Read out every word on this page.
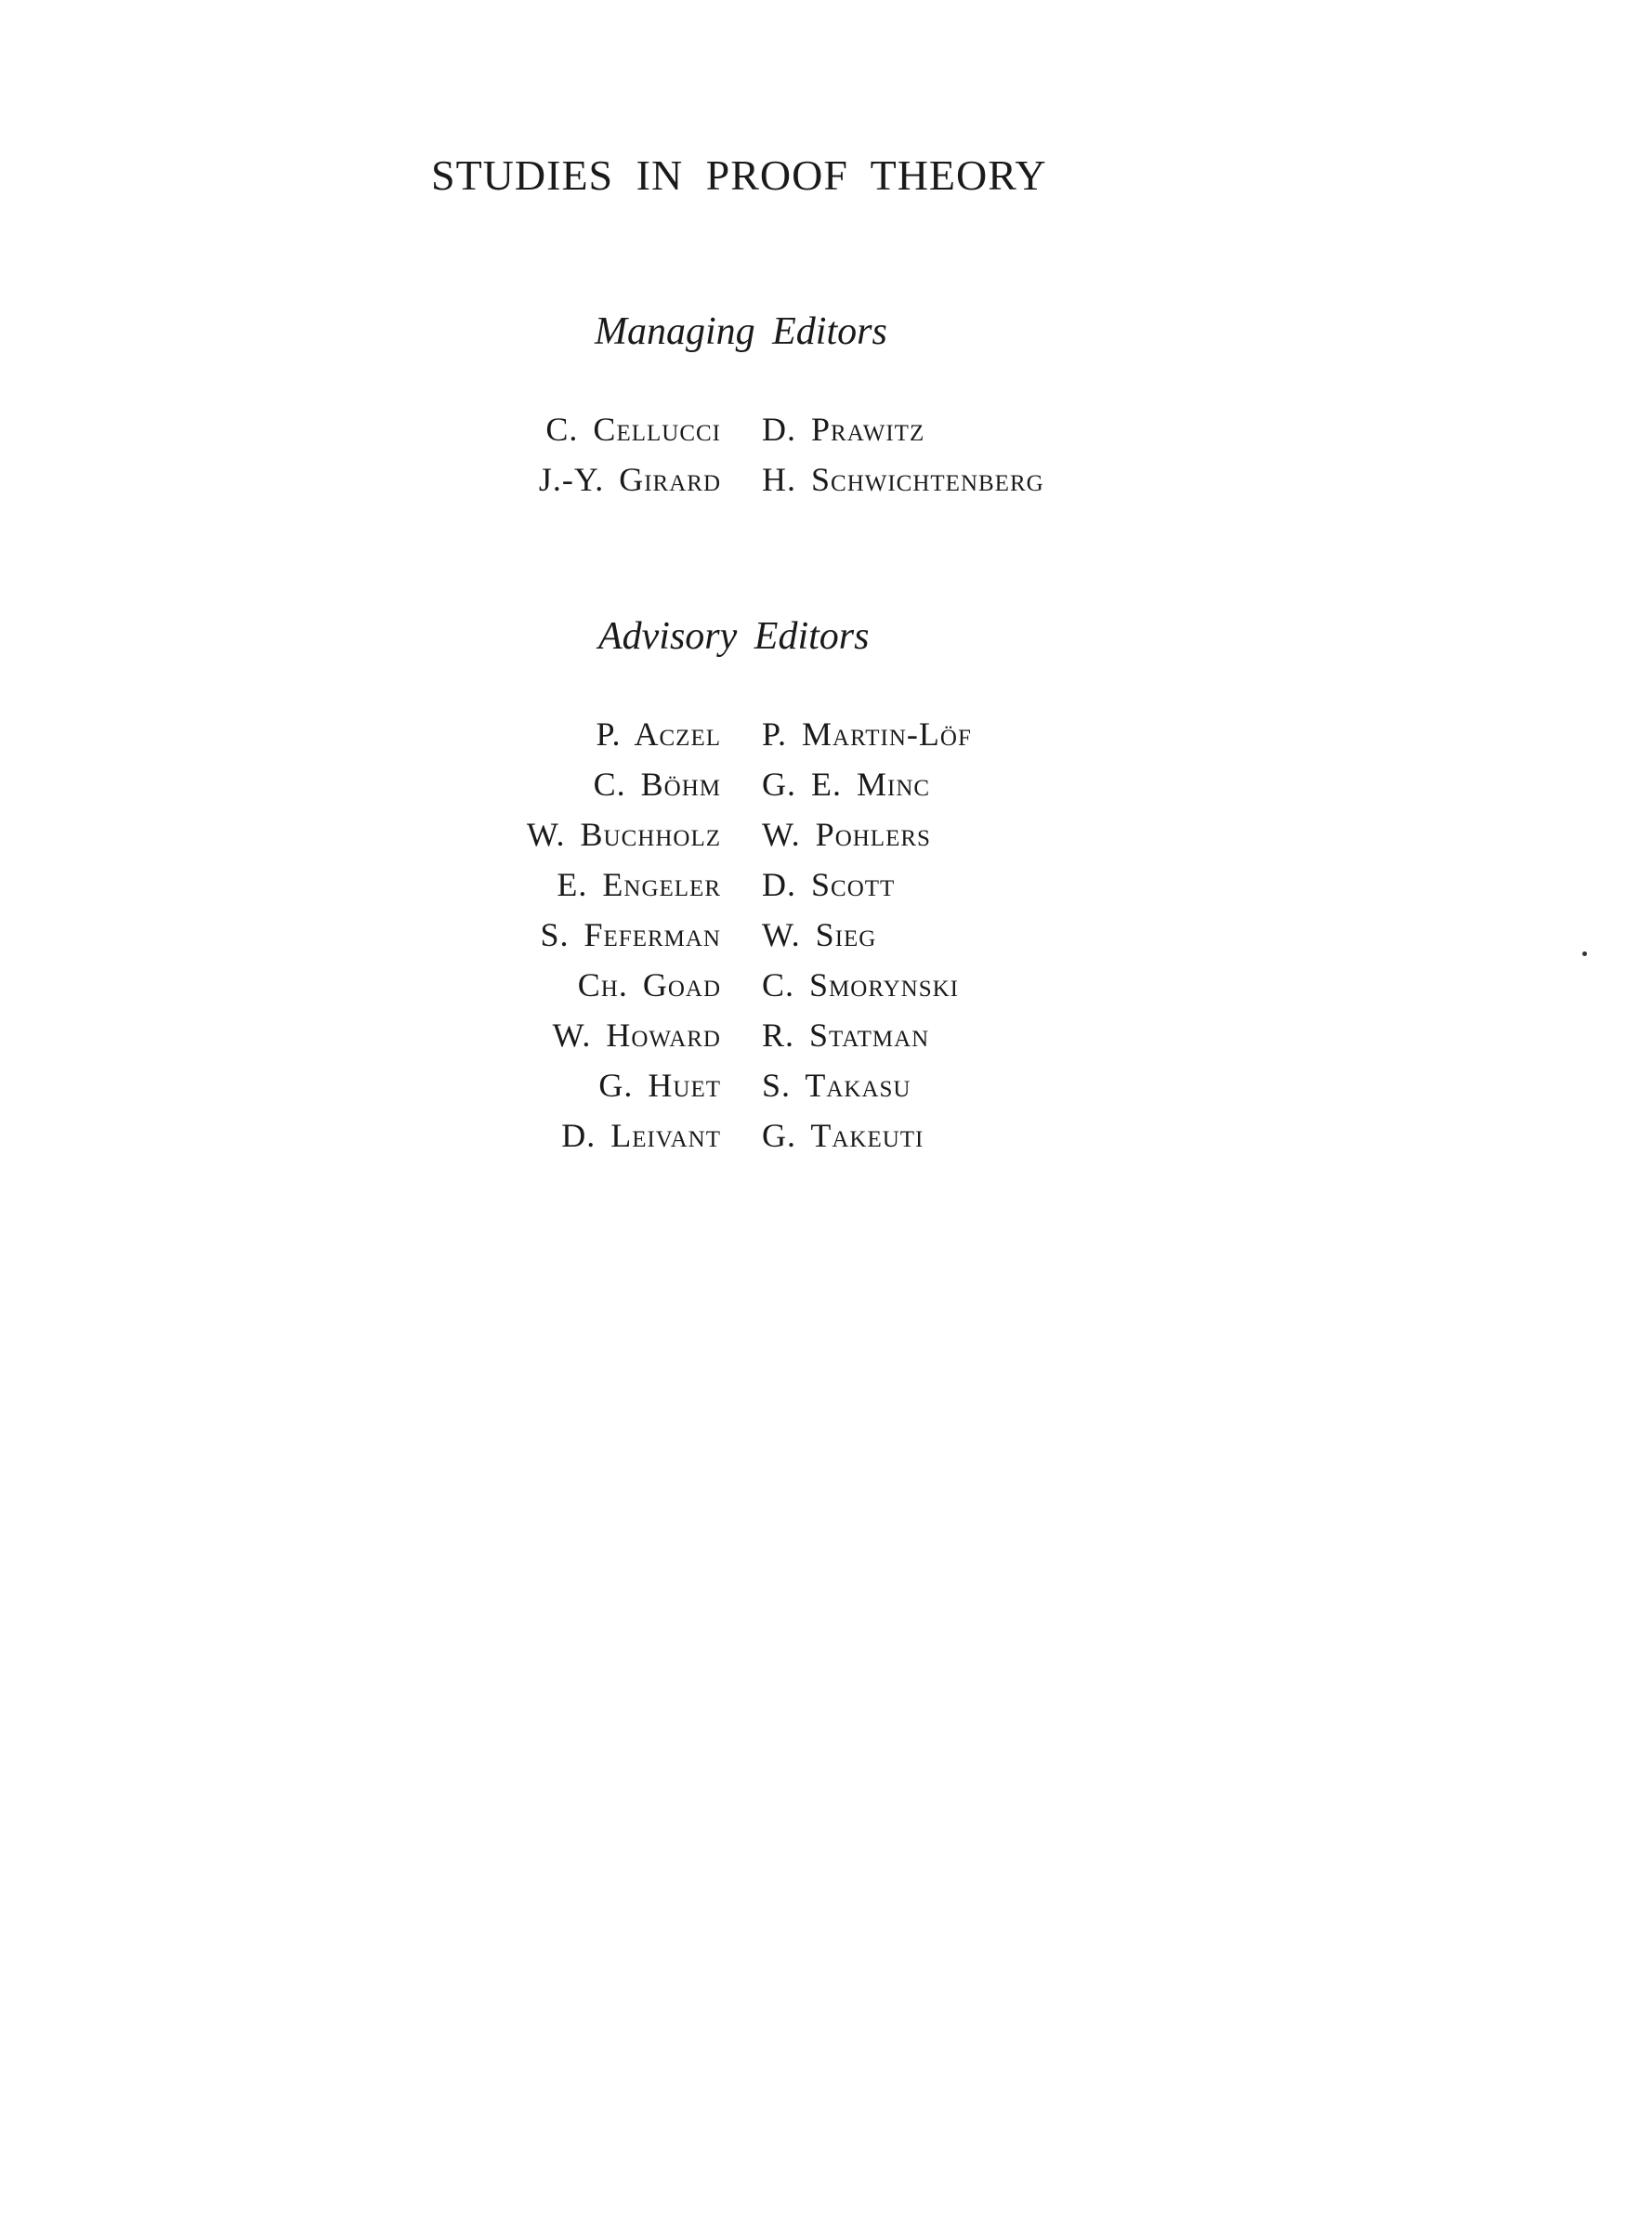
STUDIES IN PROOF THEORY
Managing Editors
C. Cellucci	D. Prawitz
J.-Y. Girard	H. Schwichtenberg
Advisory Editors
P. Aczel	P. Martin-Löf
C. Böhm	G. E. Minc
W. Buchholz	W. Pohlers
E. Engeler	D. Scott
S. Feferman	W. Sieg
Ch. Goad	C. Smorynski
W. Howard	R. Statman
G. Huet	S. Takasu
D. Leivant	G. Takeuti
